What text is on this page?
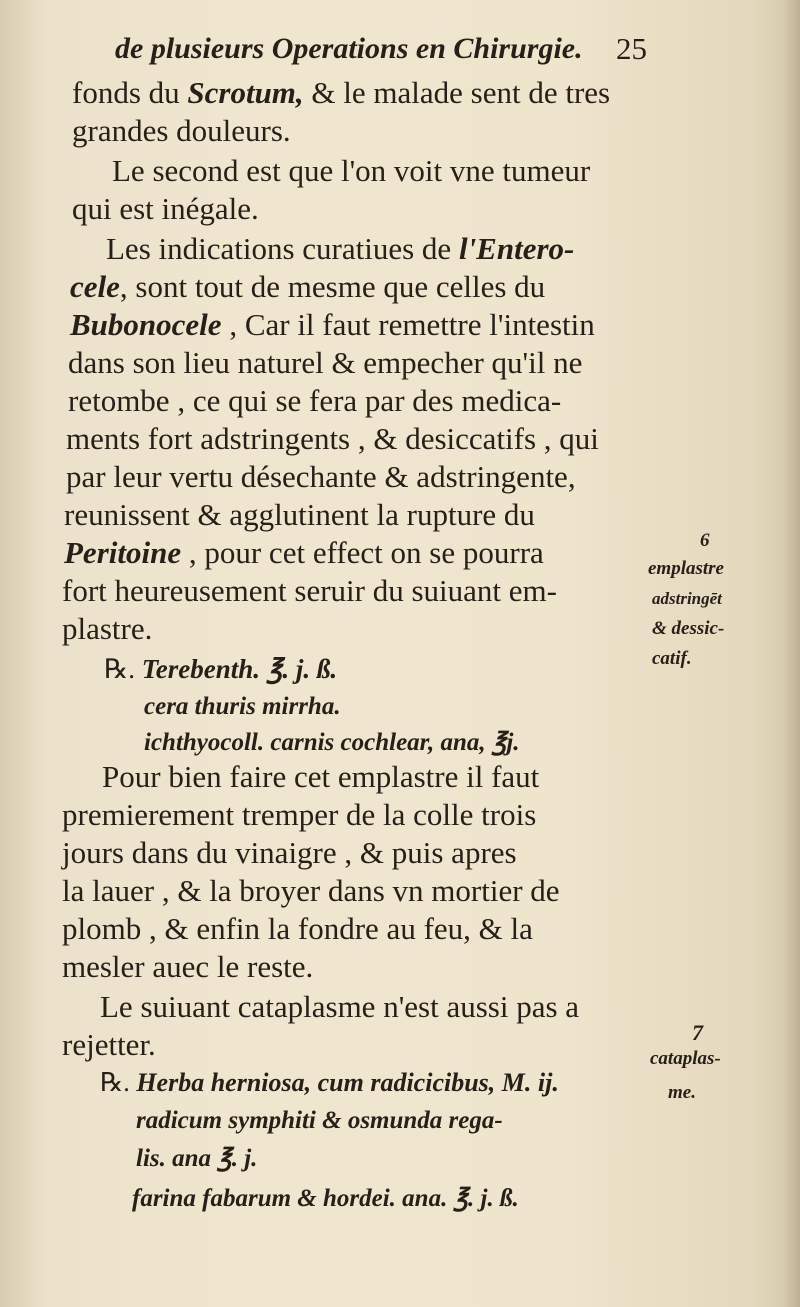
de plusieurs Operations en Chirurgie. 25
fonds du Scrotum, & le malade sent de tres
grandes douleurs.
Le second est que l'on voit vne tumeur
qui est inégale.
Les indications curatiues de l'Entero-
cele, sont tout de mesme que celles du
Bubonocele , Car il faut remettre l'intestin
dans son lieu naturel & empecher qu'il ne
retombe , ce qui se fera par des medica-
ments fort adstringents , & desiccatifs , qui
par leur vertu désechante & adstringente,
reunissent & agglutinent la rupture du
Peritoine , pour cet effect on se pourra
fort heureusement seruir du suiuant em-
plastre.
℞. Terebenth. ℥. j. ß.
cera thuris mirrha.
ichthyocoll. carnis cochlear, ana, ℥j.
Pour bien faire cet emplastre il faut
premierement tremper de la colle trois
jours dans du vinaigre , & puis apres
la lauer , & la broyer dans vn mortier de
plomb , & enfin la fondre au feu, & la
mesler auec le reste.
Le suiuant cataplasme n'est aussi pas a
rejetter.
℞. Herba herniosa, cum radicicibus, M. ij.
radicum symphiti & osmunda rega-
lis. ana ℥. j.
farina fabarum & hordei. ana. ℥. j. ß.
6
emplastre
adstringēt
& dessic-
catif.
7
cataplas-
me.
